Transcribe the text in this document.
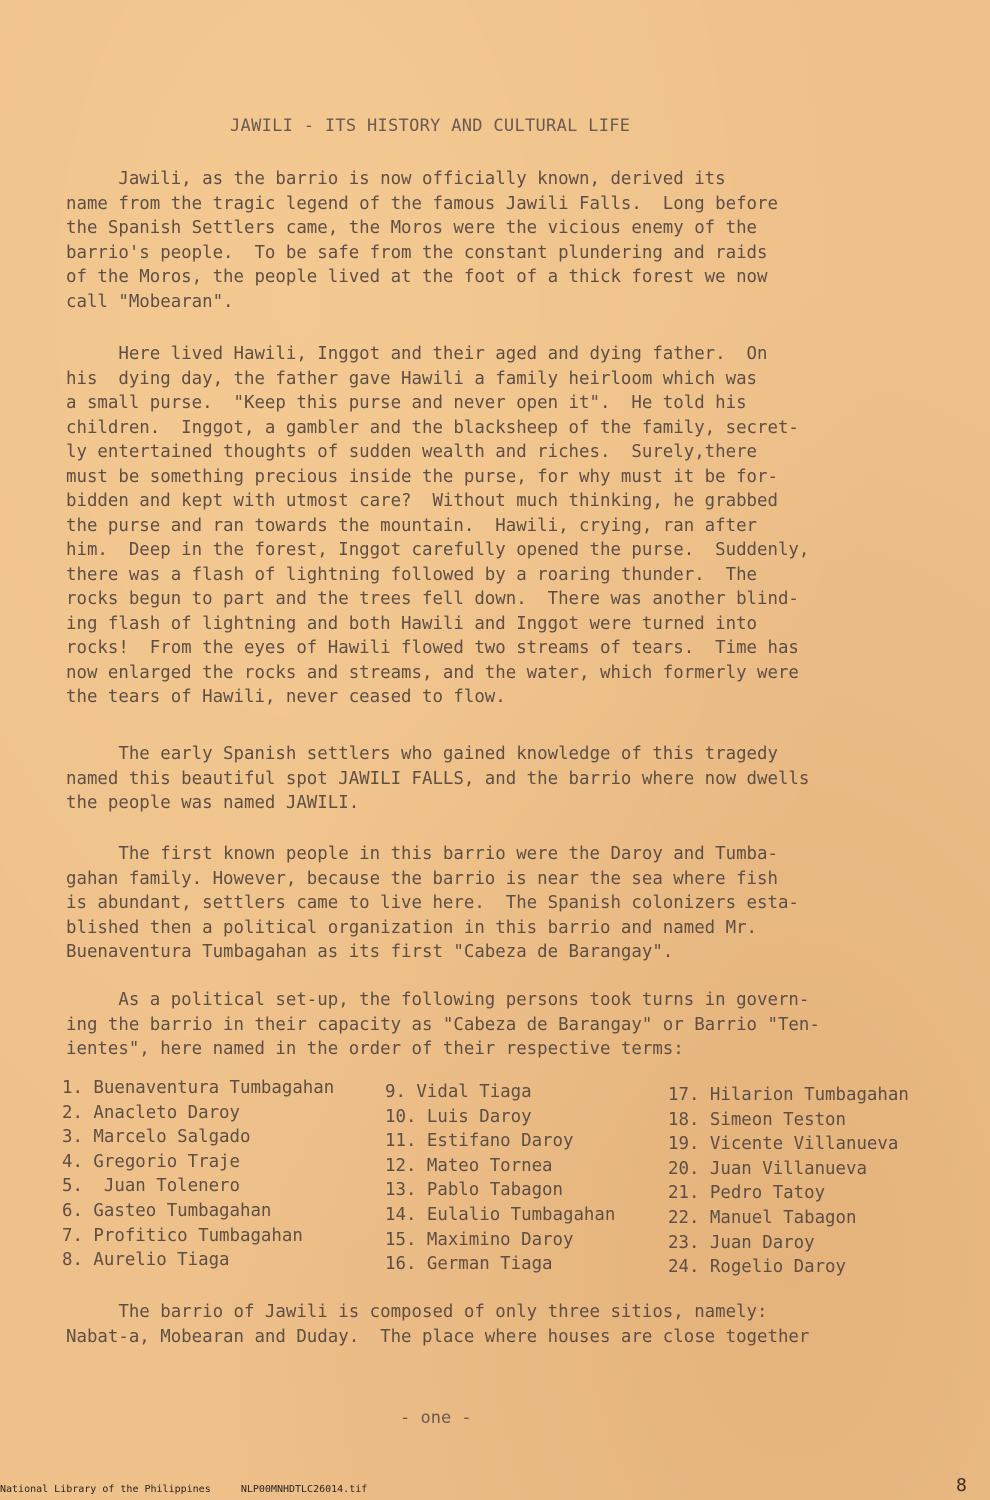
JAWILI - ITS HISTORY AND CULTURAL LIFE
Jawili, as the barrio is now officially known, derived its
name from the tragic legend of the famous Jawili Falls.  Long before
the Spanish Settlers came, the Moros were the vicious enemy of the
barrio's people.  To be safe from the constant plundering and raids
of the Moros, the people lived at the foot of a thick forest we now
call "Mobearan".
Here lived Hawili, Inggot and their aged and dying father.  On
his  dying day, the father gave Hawili a family heirloom which was
a small purse.  "Keep this purse and never open it".  He told his
children.  Inggot, a gambler and the blacksheep of the family, secret-
ly entertained thoughts of sudden wealth and riches.  Surely,there
must be something precious inside the purse, for why must it be for-
bidden and kept with utmost care?  Without much thinking, he grabbed
the purse and ran towards the mountain.  Hawili, crying, ran after
him.  Deep in the forest, Inggot carefully opened the purse.  Suddenly,
there was a flash of lightning followed by a roaring thunder.  The
rocks begun to part and the trees fell down.  There was another blind-
ing flash of lightning and both Hawili and Inggot were turned into
rocks!  From the eyes of Hawili flowed two streams of tears.  Time has
now enlarged the rocks and streams, and the water, which formerly were
the tears of Hawili, never ceased to flow.
The early Spanish settlers who gained knowledge of this tragedy
named this beautiful spot JAWILI FALLS, and the barrio where now dwells
the people was named JAWILI.
The first known people in this barrio were the Daroy and Tumba-
gahan family. However, because the barrio is near the sea where fish
is abundant, settlers came to live here.  The Spanish colonizers esta-
blished then a political organization in this barrio and named Mr.
Buenaventura Tumbagahan as its first "Cabeza de Barangay".
As a political set-up, the following persons took turns in govern-
ing the barrio in their capacity as "Cabeza de Barangay" or Barrio "Ten-
ientes", here named in the order of their respective terms:
1. Buenaventura Tumbagahan
2. Anacleto Daroy
3. Marcelo Salgado
4. Gregorio Traje
5.  Juan Tolenero
6. Gasteo Tumbagahan
7. Profitico Tumbagahan
8. Aurelio Tiaga
9. Vidal Tiaga
10. Luis Daroy
11. Estifano Daroy
12. Mateo Tornea
13. Pablo Tabagon
14. Eulalio Tumbagahan
15. Maximino Daroy
16. German Tiaga
17. Hilarion Tumbagahan
18. Simeon Teston
19. Vicente Villanueva
20. Juan Villanueva
21. Pedro Tatoy
22. Manuel Tabagon
23. Juan Daroy
24. Rogelio Daroy
The barrio of Jawili is composed of only three sitios, namely:
Nabat-a, Mobearan and Duday.  The place where houses are close together
- one -
National Library of the Philippines     NLP00MNHDTLC26014.tif	8
